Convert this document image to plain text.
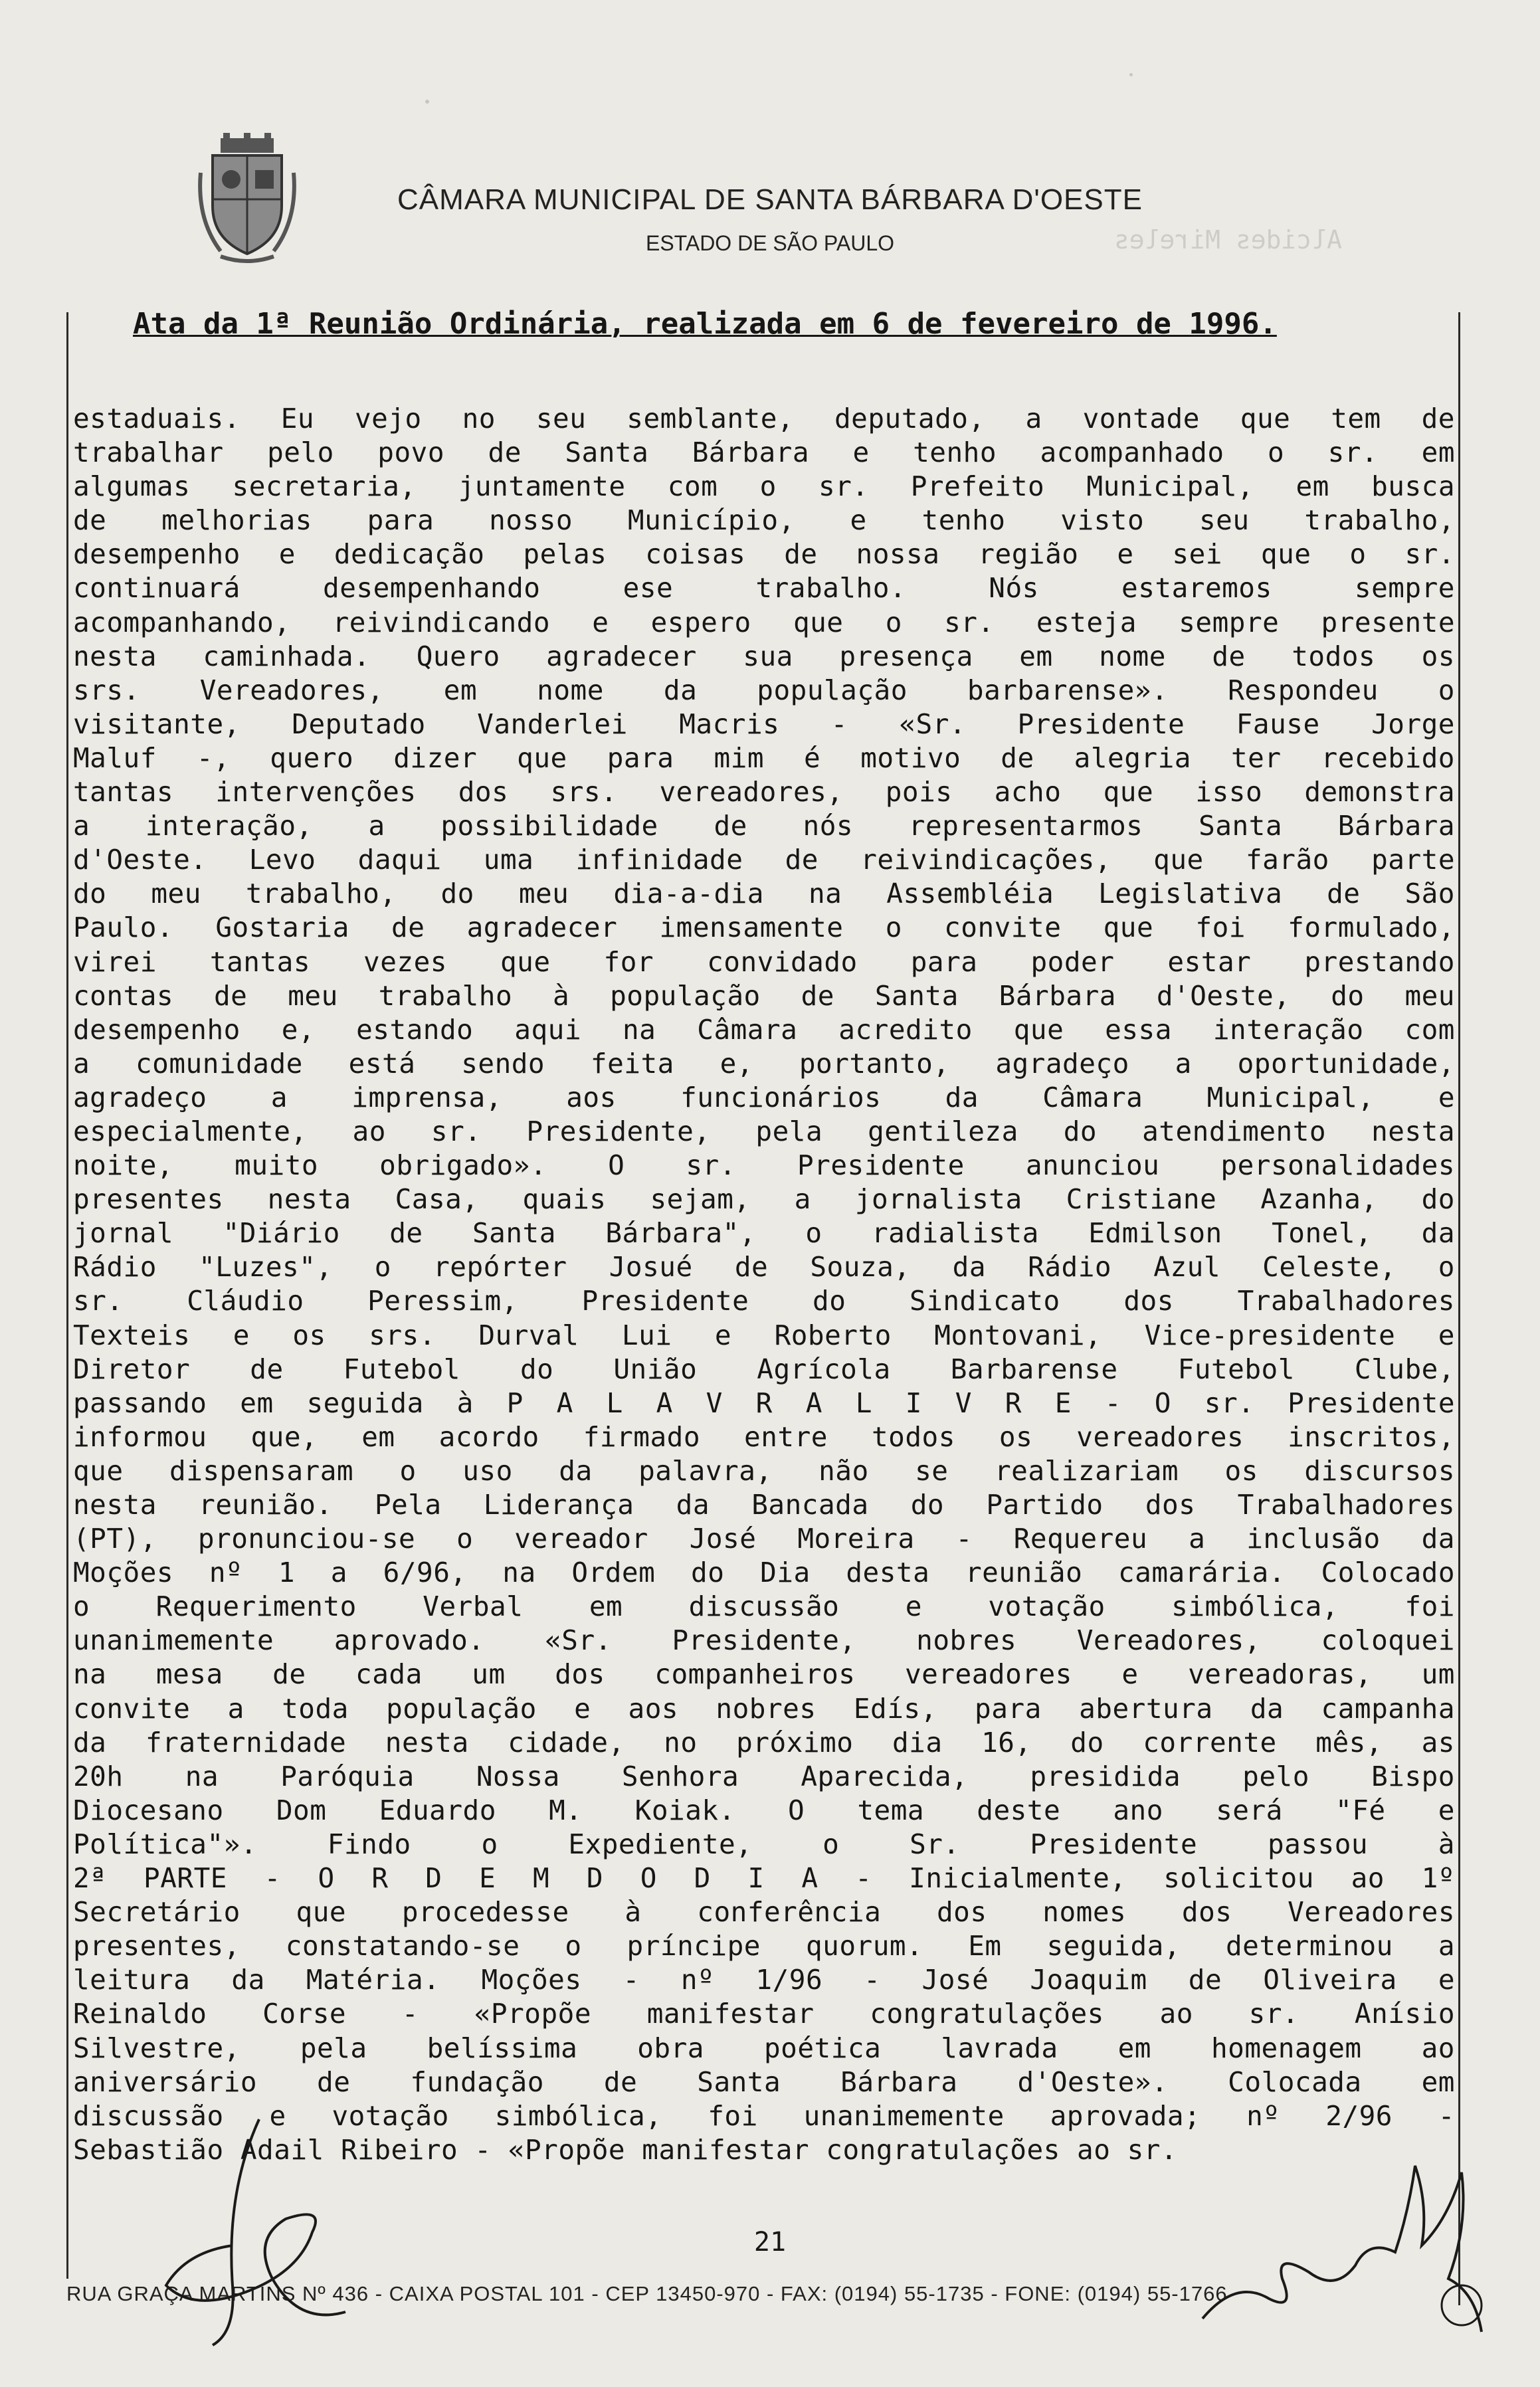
Alcides Mireles
CÂMARA MUNICIPAL DE SANTA BÁRBARA D'OESTE
ESTADO DE SÃO PAULO
Ata da 1ª Reunião Ordinária, realizada em 6 de fevereiro de 1996.
estaduais. Eu vejo no seu semblante, deputado, a vontade que tem de
trabalhar pelo povo de Santa Bárbara e tenho acompanhado o sr. em
algumas secretaria, juntamente com o sr. Prefeito Municipal, em busca
de melhorias para nosso Município, e tenho visto seu trabalho,
desempenho e dedicação pelas coisas de nossa região e sei que o sr.
continuará desempenhando ese trabalho. Nós estaremos sempre
acompanhando, reivindicando e espero que o sr. esteja sempre presente
nesta caminhada. Quero agradecer sua presença em nome de todos os
srs. Vereadores, em nome da população barbarense». Respondeu o
visitante, Deputado Vanderlei Macris - «Sr. Presidente Fause Jorge
Maluf -, quero dizer que para mim é motivo de alegria ter recebido
tantas intervenções dos srs. vereadores, pois acho que isso demonstra
a interação, a possibilidade de nós representarmos Santa Bárbara
d'Oeste. Levo daqui uma infinidade de reivindicações, que farão parte
do meu trabalho, do meu dia-a-dia na Assembléia Legislativa de São
Paulo. Gostaria de agradecer imensamente o convite que foi formulado,
virei tantas vezes que for convidado para poder estar prestando
contas de meu trabalho à população de Santa Bárbara d'Oeste, do meu
desempenho e, estando aqui na Câmara acredito que essa interação com
a comunidade está sendo feita e, portanto, agradeço a oportunidade,
agradeço a imprensa, aos funcionários da Câmara Municipal, e
especialmente, ao sr. Presidente, pela gentileza do atendimento nesta
noite, muito obrigado». O sr. Presidente anunciou personalidades
presentes nesta Casa, quais sejam, a jornalista Cristiane Azanha, do
jornal "Diário de Santa Bárbara", o radialista Edmilson Tonel, da
Rádio "Luzes", o repórter Josué de Souza, da Rádio Azul Celeste, o
sr. Cláudio Peressim, Presidente do Sindicato dos Trabalhadores
Texteis e os srs. Durval Lui e Roberto Montovani, Vice-presidente e
Diretor de Futebol do União Agrícola Barbarense Futebol Clube,
passando em seguida à P A L A V R A L I V R E - O sr. Presidente
informou que, em acordo firmado entre todos os vereadores inscritos,
que dispensaram o uso da palavra, não se realizariam os discursos
nesta reunião. Pela Liderança da Bancada do Partido dos Trabalhadores
(PT), pronunciou-se o vereador José Moreira - Requereu a inclusão da
Moções nº 1 a 6/96, na Ordem do Dia desta reunião camarária. Colocado
o Requerimento Verbal em discussão e votação simbólica, foi
unanimemente aprovado. «Sr. Presidente, nobres Vereadores, coloquei
na mesa de cada um dos companheiros vereadores e vereadoras, um
convite a toda população e aos nobres Edís, para abertura da campanha
da fraternidade nesta cidade, no próximo dia 16, do corrente mês, as
20h na Paróquia Nossa Senhora Aparecida, presidida pelo Bispo
Diocesano Dom Eduardo M. Koiak. O tema deste ano será "Fé e
Política"». Findo o Expediente, o Sr. Presidente passou à
2ª PARTE - O R D E M D O D I A - Inicialmente, solicitou ao 1º
Secretário que procedesse à conferência dos nomes dos Vereadores
presentes, constatando-se o príncipe quorum. Em seguida, determinou a
leitura da Matéria. Moções - nº 1/96 - José Joaquim de Oliveira e
Reinaldo Corse - «Propõe manifestar congratulações ao sr. Anísio
Silvestre, pela belíssima obra poética lavrada em homenagem ao
aniversário de fundação de Santa Bárbara d'Oeste». Colocada em
discussão e votação simbólica, foi unanimemente aprovada; nº 2/96 -
Sebastião Adail Ribeiro - «Propõe manifestar congratulações ao sr.
21
RUA GRAÇA MARTINS Nº 436 - CAIXA POSTAL 101 - CEP 13450-970 - FAX: (0194) 55-1735 - FONE: (0194) 55-1766
